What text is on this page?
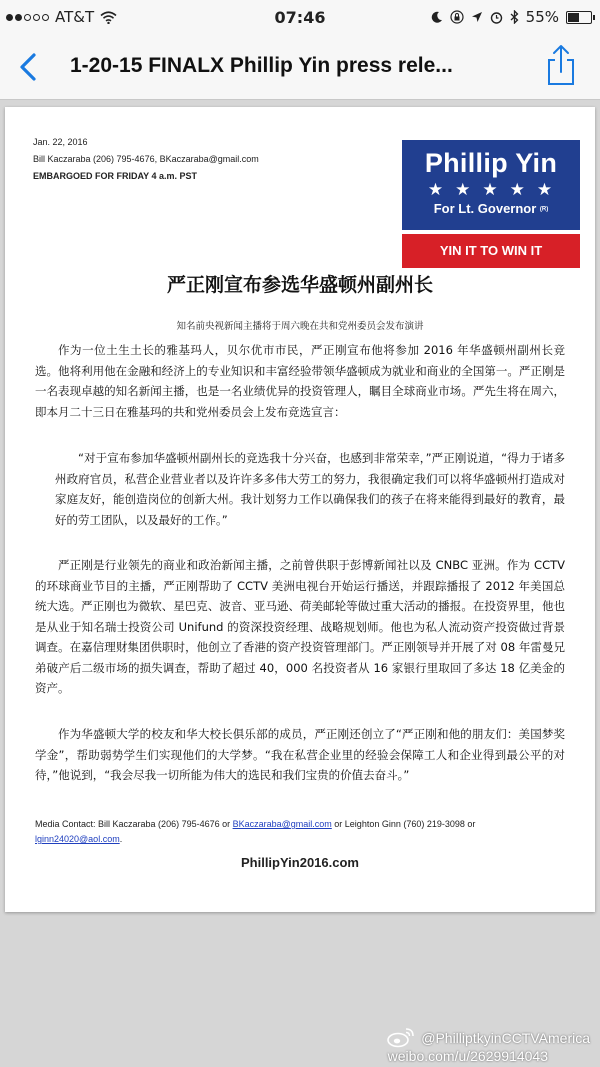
AT&T	07:46	55%
1-20-15 FINALX Phillip Yin press rele...
Jan. 22, 2016
Bill Kaczaraba (206) 795-4676, BKaczaraba@gmail.com
EMBARGOED FOR FRIDAY 4 a.m. PST	Phillip Yin
★★★★★
For Lt. Governor (R)
YIN IT TO WIN IT
严正刚宣布参选华盛顿州副州长
知名前央视新闻主播将于周六晚在共和党州委员会发布演讲

作为一位土生土长的雅基玛人，贝尔优市市民，严正刚宣布他将参加 2016 年华盛顿州副州长竞选。他将利用他在金融和经济上的专业知识和丰富经验带领华盛顿成为就业和商业的全国第一。严正刚是一名表现卓越的知名新闻主播，也是一名业绩优异的投资管理人，瞩目全球商业市场。严先生将在周六，即本月二十三日在雅基玛的共和党州委员会上发布竞选宣言：

“对于宣布参加华盛顿州副州长的竞选我十分兴奋，也感到非常荣幸，”严正刚说道，“得力于诸多州政府官员，私营企业营业者以及许许多多伟大劳工的努力，我很确定我们可以将华盛顿州打造成对家庭友好，能创造岗位的创新大州。我计划努力工作以确保我们的孩子在将来能得到最好的教育，最好的劳工团队，以及最好的工作。”

严正刚是行业领先的商业和政治新闻主播，之前曾供职于彭博新闻社以及 CNBC 亚洲。作为 CCTV 的环球商业节目的主播，严正刚帮助了 CCTV 美洲电视台开始运行播送，并跟踪播报了 2012 年美国总统大选。严正刚也为微软、星巴克、波音、亚马逊、荷美邮轮等做过重大活动的播报。在投资界里，他也是从业于知名瑞士投资公司 Unifund 的资深投资经理、战略规划师。他也为私人流动资产投资做过背景调查。在嘉信理财集团供职时，他创立了香港的资产投资管理部门。严正刚领导并开展了对 08 年雷曼兄弟破产后二级市场的损失调查，帮助了超过 40，000 名投资者从 16 家银行里取回了多达 18 亿美金的资产。

作为华盛顿大学的校友和华大校长俱乐部的成员，严正刚还创立了“严正刚和他的朋友们：美国梦奖学金”，帮助弱势学生们实现他们的大学梦。“我在私营企业里的经验会保障工人和企业得到最公平的对待，”他说到，“我会尽我一切所能为伟大的选民和我们宝贵的价值去奋斗。”

Media Contact: Bill Kaczaraba (206) 795-4676 or BKaczaraba@gmail.com or Leighton Ginn (760) 219-3098 or
lginn24020@aol.com.
PhillipYin2016.com
@PhilliptkyinCCTVAmerica
weibo.com/u/2629914043
